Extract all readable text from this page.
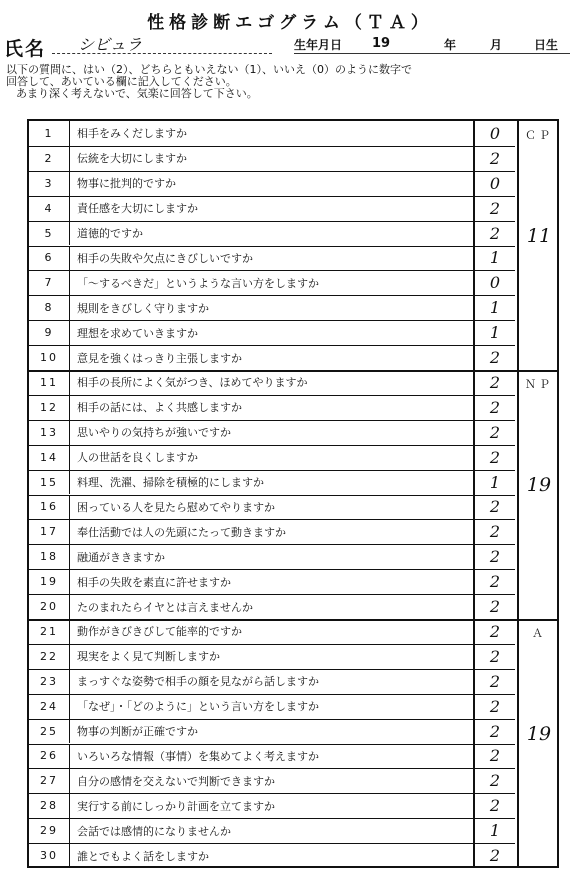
性格診断エゴグラム（ＴＡ）
氏名 シビュラ	生年月日 19	年	月	日生
以下の質問に、はい（2）、どちらともいえない（1）、いいえ（0）のように数字で
回答して、あいている欄に記入してください。
あまり深く考えないで、気楽に回答して下さい。
1	相手をみくだしますか	0
2	伝統を大切にしますか	2
3	物事に批判的ですか	0
4	責任感を大切にしますか	2
5	道徳的ですか	2
6	相手の失敗や欠点にきびしいですか	1
7	「～するべきだ」というような言い方をしますか	0
8	規則をきびしく守りますか	1
9	理想を求めていきますか	1
10	意見を強くはっきり主張しますか	2
11	相手の長所によく気がつき、ほめてやりますか	2
12	相手の話には、よく共感しますか	2
13	思いやりの気持ちが強いですか	2
14	人の世話を良くしますか	2
15	料理、洗濯、掃除を積極的にしますか	1
16	困っている人を見たら慰めてやりますか	2
17	奉仕活動では人の先頭にたって動きますか	2
18	融通がききますか	2
19	相手の失敗を素直に許せますか	2
20	たのまれたらイヤとは言えませんか	2
21	動作がきびきびして能率的ですか	2
22	現実をよく見て判断しますか	2
23	まっすぐな姿勢で相手の顔を見ながら話しますか	2
24	「なぜ」・「どのように」という言い方をしますか	2
25	物事の判断が正確ですか	2
26	いろいろな情報（事情）を集めてよく考えますか	2
27	自分の感情を交えないで判断できますか	2
28	実行する前にしっかり計画を立てますか	2
29	会話では感情的になりませんか	1
30	誰とでもよく話をしますか	2
ＣＰ
11
ＮＰ
19
Ａ
19
